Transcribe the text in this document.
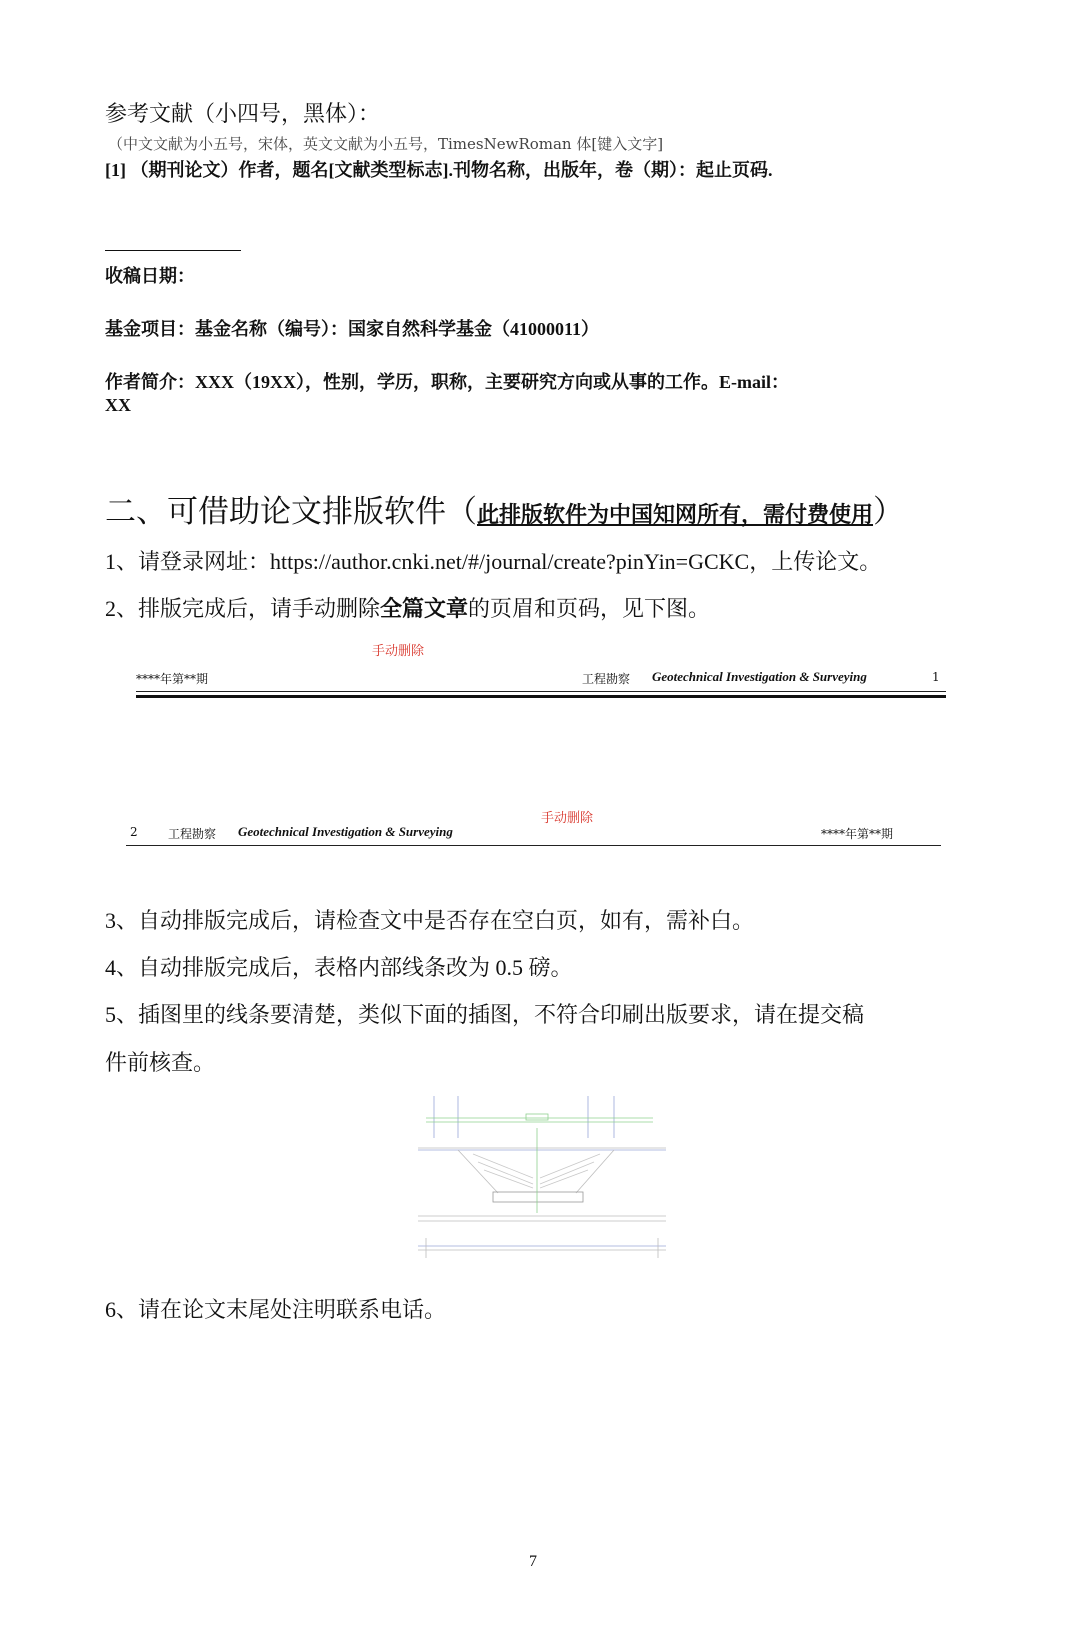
参考文献（小四号，黑体）：
（中文文献为小五号，宋体，英文文献为小五号，TimesNewRoman 体[键入文字]
[1] （期刊论文）作者，题名[文献类型标志].刊物名称，出版年，卷（期）：起止页码.
收稿日期：
基金项目：基金名称（编号）：国家自然科学基金（41000011）
作者简介：XXX（19XX），性别，学历，职称，主要研究方向或从事的工作。E-mail：
XX
二、可借助论文排版软件（此排版软件为中国知网所有，需付费使用）
1、请登录网址：https://author.cnki.net/#/journal/create?pinYin=GCKC，上传论文。
2、排版完成后，请手动删除全篇文章的页眉和页码，见下图。
手动删除
****年第**期	工程勘察 Geotechnical Investigation & Surveying	1
手动删除
2	工程勘察 Geotechnical Investigation & Surveying	****年第**期
3、自动排版完成后，请检查文中是否存在空白页，如有，需补白。
4、自动排版完成后，表格内部线条改为 0.5 磅。
5、插图里的线条要清楚，类似下面的插图，不符合印刷出版要求，请在提交稿
件前核查。
6、请在论文末尾处注明联系电话。
7
